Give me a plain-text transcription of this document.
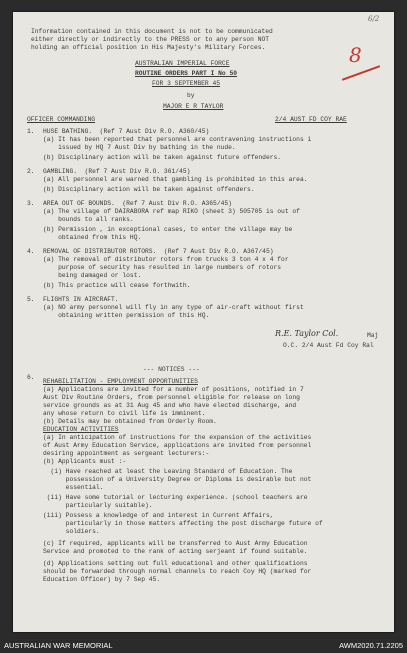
6/2
8
Information contained in this document is not to be communicated
either directly or indirectly to the PRESS or to any person NOT
holding an official position in His Majesty's Military Forces.
AUSTRALIAN IMPERIAL FORCE
ROUTINE ORDERS PART I No 50
FOR 3 SEPTEMBER 45
by
MAJOR E R TAYLOR
OFFICER COMMANDING	2/4 AUST FD COY RAE
1. HUSE BATHING.  (Ref 7 Aust Div R.O. A360/45)
(a) It has been reported that personnel are contravening instructions i
issued by HQ 7 Aust Div by bathing in the nude.
(b) Disciplinary action will be taken against future offenders.
2. GAMBLING.  (Ref 7 Aust Div R.O. 361/45)
(a) All personnel are warned that gambling is prohibited in this area.
(b) Disciplinary action will be taken against offenders.
3. AREA OUT OF BOUNDS.  (Ref 7 Aust Div R.O. A365/45)
(a) The village of DAIRABORA ref map RIKO (sheet 3) 505705 is out of
bounds to all ranks.
(b) Permission , in exceptional cases, to enter the village may be
obtained from this HQ.
4. REMOVAL OF DISTRIBUTOR ROTORS.  (Ref 7 Aust Div R.O. A367/45)
(a) The removal of distributor rotors from trucks 3 ton 4 x 4 for
purpose of security has resulted in large numbers of rotors
being damaged or lost.
(b) This practice will cease forthwith.
5. FLIGHTS IN AIRCRAFT.
(a) NO army personnel will fly in any type of air-craft without first
obtaining written permission of this HQ.
R.E. Taylor Col.	Maj
O.C. 2/4 Aust Fd Coy Ral
--- NOTICES ---
6.
REHABILITATION - EMPLOYMENT OPPORTUNITIES
(a) Applications are invited for a number of positions, notified in 7
Aust Div Routine Orders, from personnel eligible for release on long
service grounds as at 31 Aug 45 and who have elected discharge, and
any whose return to civil life is imminent.
(b) Details may be obtained from Orderly Room.
EDUCATION ACTIVITIES
(a) In anticipation of instructions for the expansion of the activities
of Aust Army Education Service, applications are invited from personnel
desiring appointment as sergeant lecturers:-
(b) Applicants must :-
(i) Have reached at least the Leaving Standard of Education. The
possession of a University Degree or Diploma is desirable but not
essential.
(ii) Have some tutorial or lecturing experience. (school teachers are
particularly suitable).
(iii) Possess a knowledge of and interest in Current Affairs,
particularly in those matters affecting the post discharge future of
soldiers.
(c) If required, applicants will be transferred to Aust Army Education
Service and promoted to the rank of acting serjeant if found suitable.
(d) Applications setting out full educational and other qualifications
should be forwarded through normal channels to reach Coy HQ (marked for
Education Officer) by 7 Sep 45.
AUSTRALIAN WAR MEMORIAL	AWM2020.71.2205
